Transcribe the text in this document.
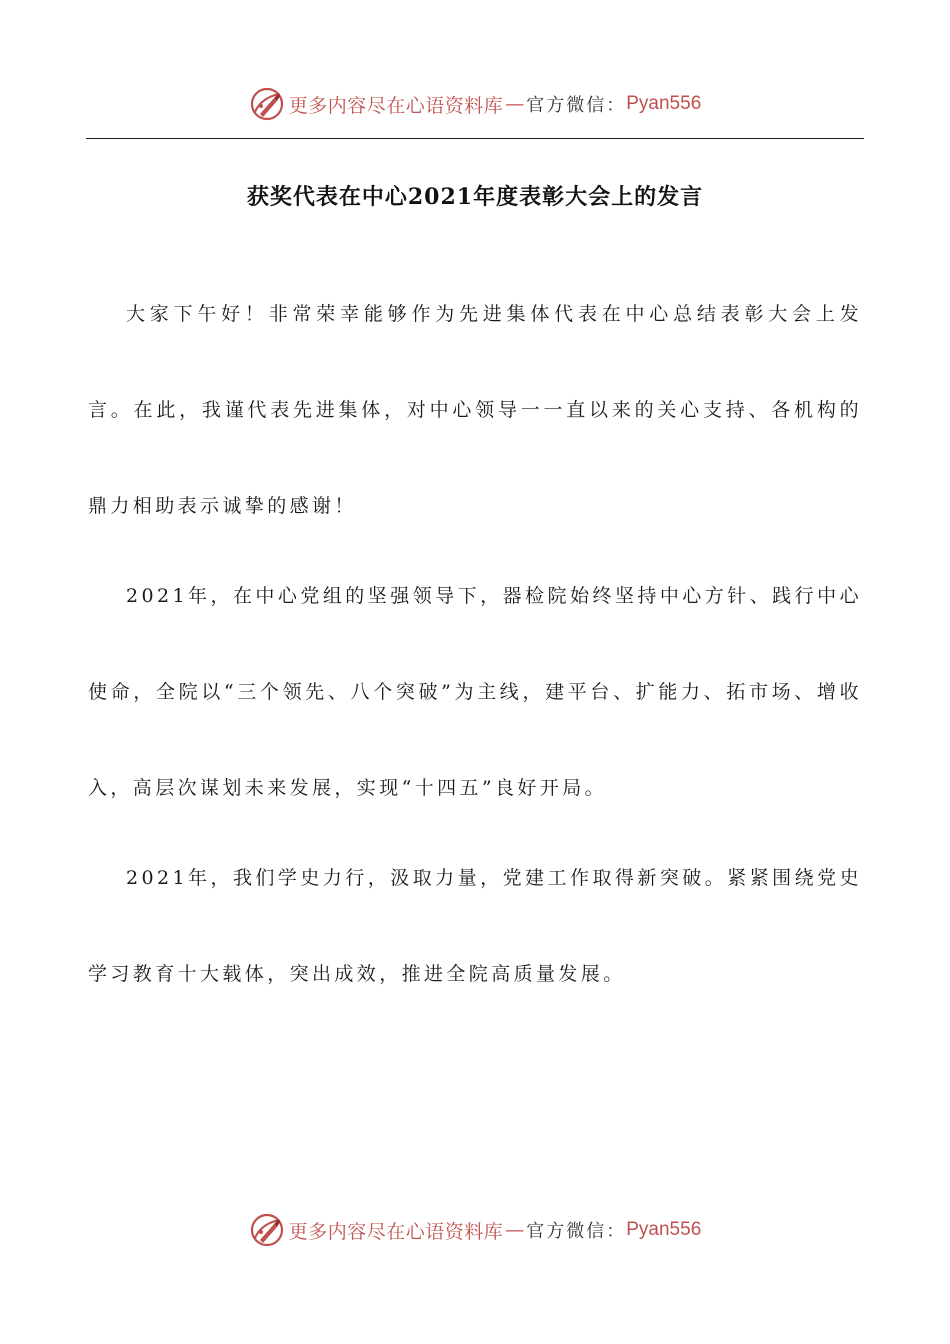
更多内容尽在心语资料库 — 官方微信： Pyan556
获奖代表在中心2021年度表彰大会上的发言

大家下午好！非常荣幸能够作为先进集体代表在中心总结表彰大会上发言。在此，我谨代表先进集体，对中心领导一一直以来的关心支持、各机构的鼎力相助表示诚挚的感谢！

2021年，在中心党组的坚强领导下，器检院始终坚持中心方针、践行中心使命，全院以“三个领先、八个突破”为主线，建平台、扩能力、拓市场、增收入，高层次谋划未来发展，实现“十四五”良好开局。

2021年，我们学史力行，汲取力量，党建工作取得新突破。紧紧围绕党史学习教育十大载体，突出成效，推进全院高质量发展。

更多内容尽在心语资料库 — 官方微信： Pyan556
